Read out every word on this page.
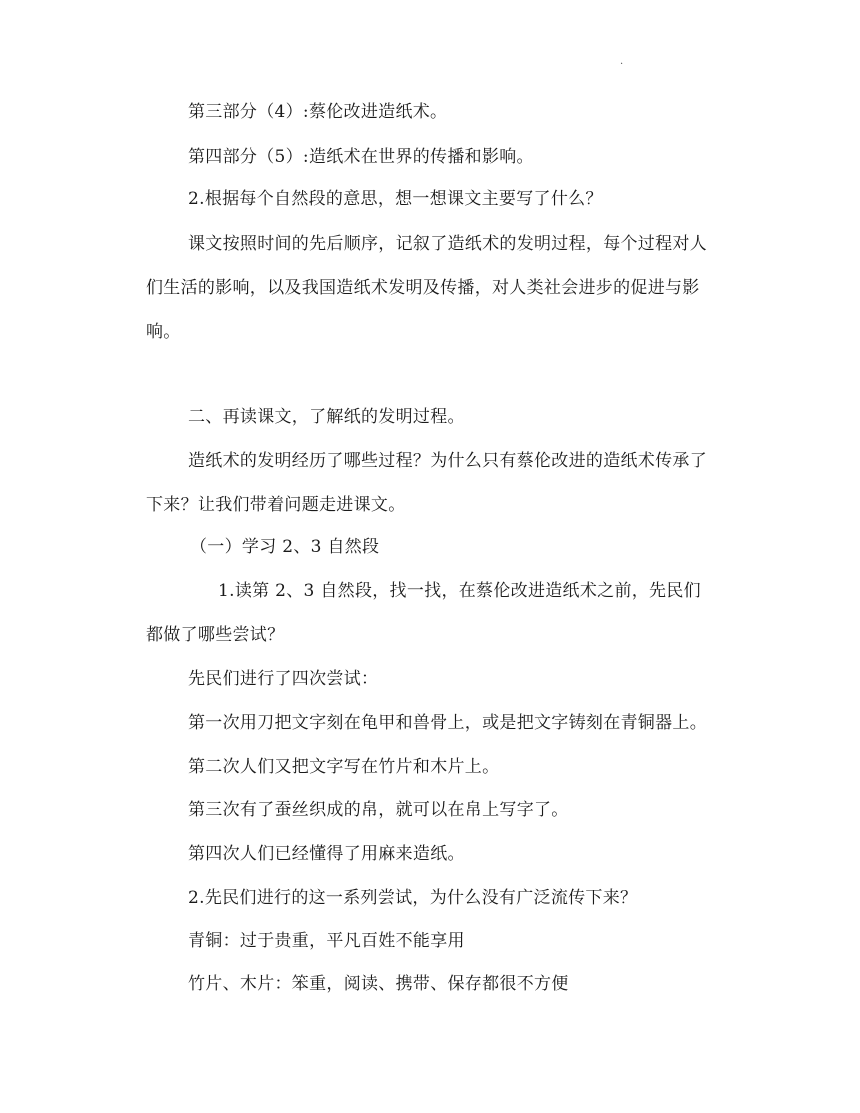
.
第三部分（4）:蔡伦改进造纸术。
第四部分（5）:造纸术在世界的传播和影响。
2.根据每个自然段的意思，想一想课文主要写了什么？
课文按照时间的先后顺序，记叙了造纸术的发明过程，每个过程对人
们生活的影响，以及我国造纸术发明及传播，对人类社会进步的促进与影
响。
二、再读课文，了解纸的发明过程。
造纸术的发明经历了哪些过程？为什么只有蔡伦改进的造纸术传承了
下来？让我们带着问题走进课文。
（一）学习 2、3 自然段
1.读第 2、3 自然段，找一找，在蔡伦改进造纸术之前，先民们
都做了哪些尝试？
先民们进行了四次尝试：
第一次用刀把文字刻在龟甲和兽骨上，或是把文字铸刻在青铜器上。
第二次人们又把文字写在竹片和木片上。
第三次有了蚕丝织成的帛，就可以在帛上写字了。
第四次人们已经懂得了用麻来造纸。
2.先民们进行的这一系列尝试，为什么没有广泛流传下来？
青铜：过于贵重，平凡百姓不能享用
竹片、木片：笨重，阅读、携带、保存都很不方便
